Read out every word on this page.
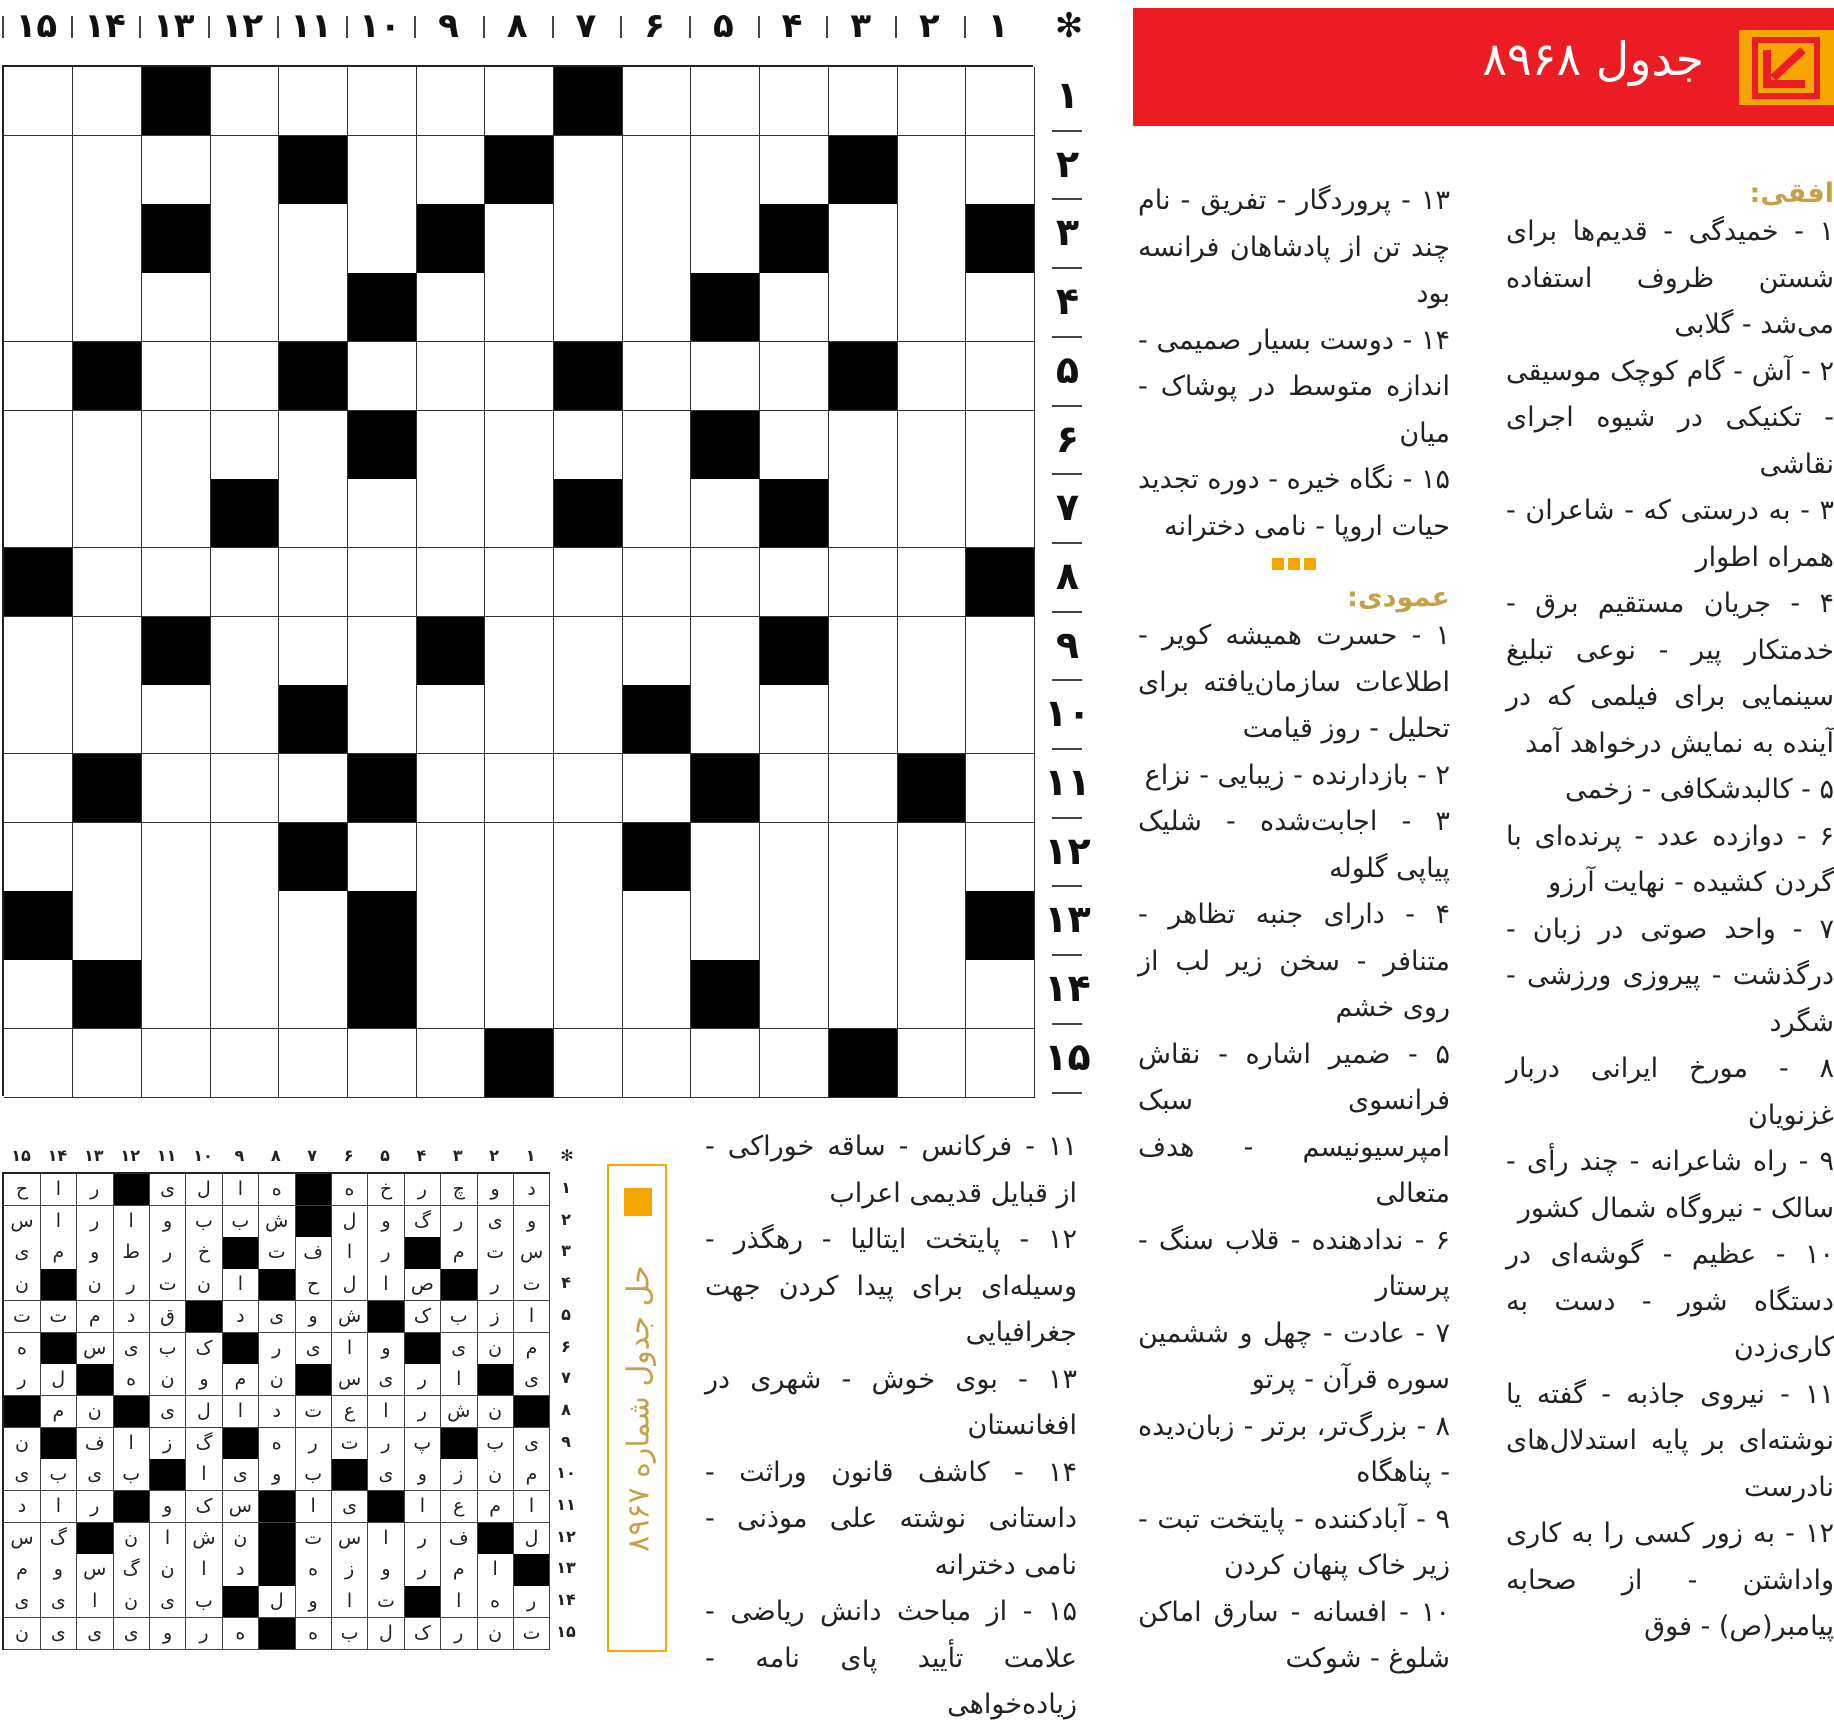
✻
۱
۲
۳
۴
۵
۶
۷
۸
۹
۱۰
۱۱
۱۲
۱۳
۱۴
۱۵
۱
۲
۳
۴
۵
۶
۷
۸
۹
۱۰
۱۱
۱۲
۱۳
۱۴
۱۵
جدول ۸۹۶۸
افقی:

۱ - خمیدگی - قدیم‌ها برای شستن ظروف استفاده می‌شد - گلابی

۲ - آش - گام کوچک موسیقی - تکنیکی در شیوه اجرای نقاشی

۳ - به درستی که - شاعران - همراه اطوار

۴ - جریان مستقیم برق - خدمتکار پیر - نوعی تبلیغ سینمایی برای فیلمی که در آینده به نمایش درخواهد آمد

۵ - کالبدشکافی - زخمی

۶ - دوازده عدد - پرنده‌ای با گردن کشیده - نهایت آرزو

۷ - واحد صوتی در زبان - درگذشت - پیروزی ورزشی - شگرد

۸ - مورخ ایرانی دربار غزنویان

۹ - راه شاعرانه - چند رأی - سالک - نیروگاه شمال کشور

۱۰ - عظیم - گوشه‌ای در دستگاه شور - دست به کاری‌زدن

۱۱ - نیروی جاذبه - گفته یا نوشته‌ای بر پایه استدلال‌های نادرست

۱۲ - به زور کسی را به کاری واداشتن - از صحابه پیامبر(ص) - فوق

۱۳ - پروردگار - تفریق - نام چند تن از پادشاهان فرانسه بود

۱۴ - دوست بسیار صمیمی - اندازه متوسط در پوشاک - میان

۱۵ - نگاه خیره - دوره تجدید حیات اروپا - نامی دخترانه

عمودی:

۱ - حسرت همیشه کویر - اطلاعات سازمان‌یافته برای تحلیل - روز قیامت

۲ - بازدارنده - زیبایی - نزاع

۳ - اجابت‌شده - شلیک پیاپی گلوله

۴ - دارای جنبه تظاهر - متنافر - سخن زیر لب از روی خشم

۵ - ضمیر اشاره - نقاش فرانسوی سبک امپرسیونیسم - هدف متعالی

۶ - ندادهنده - قلاب سنگ - پرستار

۷ - عادت - چهل و ششمین سوره قرآن - پرتو

۸ - بزرگ‌تر، برتر - زبان‌دیده - پناهگاه

۹ - آبادکننده - پایتخت تبت - زیر خاک پنهان کردن

۱۰ - افسانه - سارق اماکن شلوغ - شوکت

۱۱ - فرکانس - ساقه خوراکی - از قبایل قدیمی اعراب

۱۲ - پایتخت ایتالیا - رهگذر - وسیله‌ای برای پیدا کردن جهت جغرافیایی

۱۳ - بوی خوش - شهری در افغانستان

۱۴ - کاشف قانون وراثت - داستانی نوشته علی موذنی - نامی دخترانه

۱۵ - از مباحث دانش ریاضی - علامت تأیید پای نامه - زیاده‌خواهی

حل جدول شماره ۸۹۶۷
✻
۱
۲
۳
۴
۵
۶
۷
۸
۹
۱۰
۱۱
۱۲
۱۳
۱۴
۱۵
د
و
چ
ر
خ
ه
ه
ا
ل
ی
ر
ا
ح
و
ی
ر
گ
و
ل
ش
ب
ب
و
ا
ر
ا
س
س
ت
م
ر
ا
ف
ت
خ
ر
ط
و
م
ی
ت
ر
ص
ا
ل
ح
ا
ن
ت
ر
ن
ن
ا
ز
ب
ک
ش
و
ی
د
ق
د
م
ت
ت
م
ن
ی
و
ا
ی
ر
ک
ب
ی
س
ه
ی
ا
ر
ی
س
ن
م
و
ن
ه
ل
ر
ن
ش
ر
ا
ع
ت
د
ا
ل
ی
ن
م
ی
ب
پ
ر
ت
ر
ه
گ
ز
ا
ف
ن
م
ن
ز
و
ی
ب
و
ی
ا
ب
ی
ب
ی
ا
م
ع
ا
ی
ا
س
ک
و
ر
ا
د
ل
ف
ر
ا
س
ت
ن
ش
ا
ن
گ
س
ا
م
ر
و
ز
ه
د
ا
ن
گ
س
و
م
ر
ه
ا
ت
ا
و
ل
ب
ی
ن
ا
ی
ی
ت
ن
ر
ک
ل
ب
ه
ه
ر
و
ی
ی
ی
ن
۱
۲
۳
۴
۵
۶
۷
۸
۹
۱۰
۱۱
۱۲
۱۳
۱۴
۱۵
